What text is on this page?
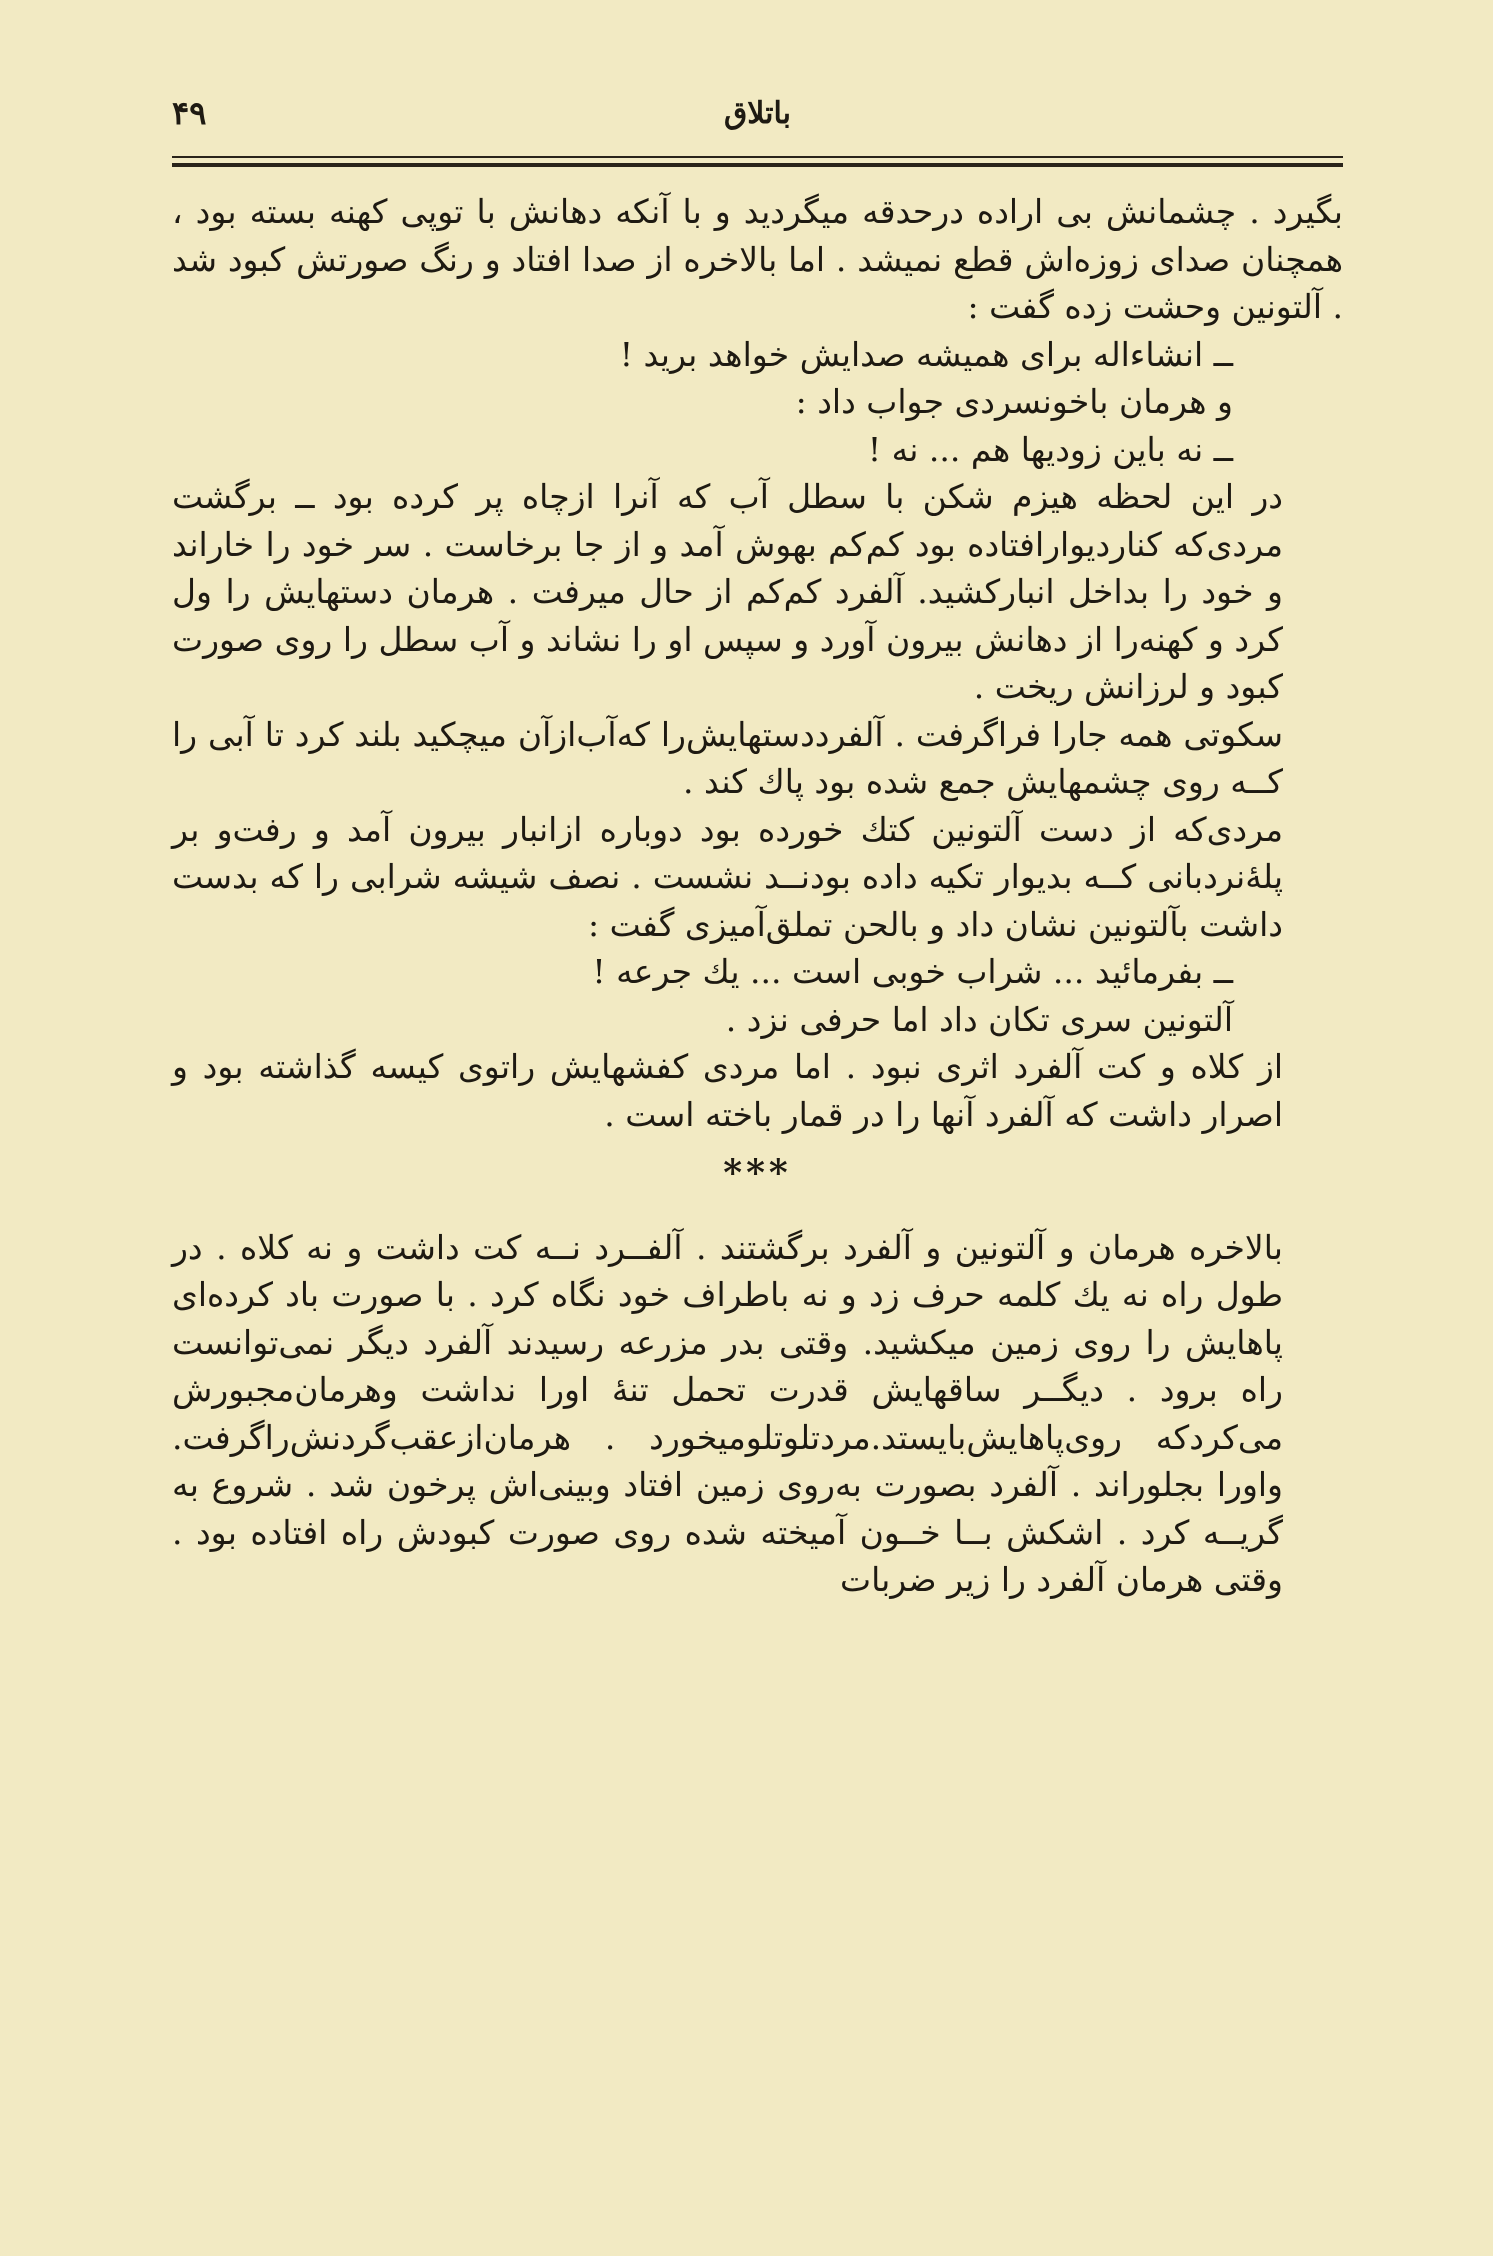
باتلاق
۴۹

بگیرد . چشمانش بی اراده درحدقه میگردید و با آنکه دهانش با توپی کهنه بسته بود ، همچنان صدای زوزه‌اش قطع نمیشد . اما بالاخره از صدا افتاد و رنگ صورتش کبود شد . آلتونین وحشت زده گفت :

ــ انشاءاله برای همیشه صدایش خواهد برید !

و هرمان باخونسردی جواب داد :

ــ نه باین زودیها هم ... نه !

در این لحظه هیزم شکن با سطل آب که آنرا ازچاه پر کرده بود ــ برگشت مردی‌که کناردیوارافتاده بود کم‌کم بهوش آمد و از جا برخاست . سر خود را خاراند و خود را بداخل انبارکشید. آلفرد کم‌کم از حال میرفت . هرمان دستهایش را ول کرد و کهنه‌را از دهانش بیرون آورد و سپس او را نشاند و آب سطل را روی صورت کبود و لرزانش ریخت .

سکوتی همه جارا فراگرفت . آلفرددستهایش‌را که‌آب‌ازآن میچکید بلند کرد تا آبی را کــه روی چشمهایش جمع شده بود پاك کند .

مردی‌که از دست آلتونین کتك خورده بود دوباره ازانبار بیرون آمد و رفت‌و بر پلهٔ‌نردبانی کــه بدیوار تکیه داده بودنــد نشست . نصف شیشه شرابی را که بدست داشت بآلتونین نشان داد و بالحن تملق‌آمیزی گفت :

ــ بفرمائید ... شراب خوبی است ... يك جرعه !

آلتونین سری تکان داد اما حرفی نزد .

از کلاه و کت آلفرد اثری نبود . اما مردی کفشهایش راتوی کیسه گذاشته بود و اصرار داشت که آلفرد آنها را در قمار باخته است .

***

بالاخره هرمان و آلتونین و آلفرد برگشتند . آلفــرد نــه کت داشت و نه کلاه . در طول راه نه يك کلمه حرف زد و نه باطراف خود نگاه کرد . با صورت باد کرده‌ای پاهایش را روی زمین میکشید. وقتی بدر مزرعه رسیدند آلفرد دیگر نمی‌توانست راه برود . دیگــر ساقهایش قدرت تحمل تنهٔ اورا نداشت وهرمان‌مجبورش می‌کردکه روی‌پاهایش‌بایستد.مردتلوتلومیخورد . هرمان‌ازعقب‌گردنش‌راگرفت. واورا بجلوراند . آلفرد بصورت به‌روی زمین افتاد وبینی‌اش پرخون شد . شروع به گریــه کرد . اشکش بــا خــون آمیخته شده روی صورت کبودش راه افتاده بود . وقتی هرمان آلفرد را زیر ضربات
